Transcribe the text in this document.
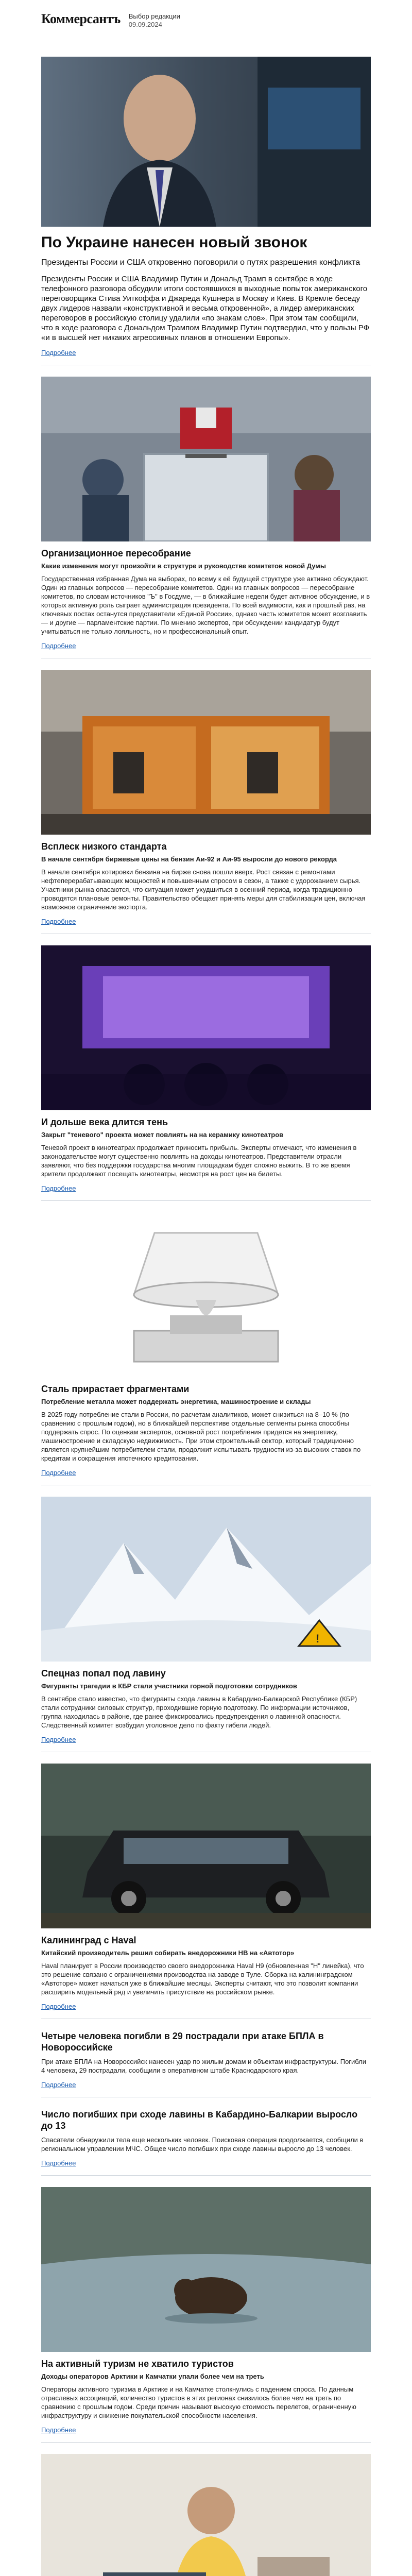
Коммерсантъ Выбор редакции
09.09.2024
По Украине нанесен новый звонок
Президенты России и США откровенно поговорили о путях разрешения конфликта
Президенты России и США Владимир Путин и Дональд Трамп в сентябре в ходе телефонного разговора обсудили итоги состоявшихся в выходные попыток американского переговорщика Стива Уиткоффа и Джареда Кушнера в Москву и Киев. В Кремле беседу двух лидеров назвали «конструктивной и весьма откровенной», а лидер американских переговоров в российскую столицу удалили «по знакам слов». При этом там сообщили, что в ходе разговора с Дональдом Трампом Владимир Путин подтвердил, что у пользы РФ «и в высшей нет никаких агрессивных планов в отношении Европы».
Подробнее
Организационное пересобрание
Какие изменения могут произойти в структуре и руководстве комитетов новой Думы
Государственная избранная Дума на выборах, по всему к её будущей структуре уже активно обсуждают. Один из главных вопросов — пересобрание комитетов. Один из главных вопросов — пересобрание комитетов, по словам источников "Ъ" в Госдуме, — в ближайшие недели будет активное обсуждение, и в которых активную роль сыграет администрация президента. По всей видимости, как и прошлый раз, на ключевых постах останутся представители «Единой России», однако часть комитетов может возглавить — и другие — парламентские партии. По мнению экспертов, при обсуждении кандидатур будут учитываться не только лояльность, но и профессиональный опыт.
Подробнее
Всплеск низкого стандарта
В начале сентября биржевые цены на бензин Аи-92 и Аи-95 выросли до нового рекорда
В начале сентября котировки бензина на бирже снова пошли вверх. Рост связан с ремонтами нефтеперерабатывающих мощностей и повышенным спросом в сезон, а также с удорожанием сырья. Участники рынка опасаются, что ситуация может ухудшиться в осенний период, когда традиционно проводятся плановые ремонты. Правительство обещает принять меры для стабилизации цен, включая возможное ограничение экспорта.
Подробнее
И дольше века длится тень
Закрыт "теневого" проекта может повлиять на на керамику кинотеатров
Теневой проект в кинотеатрах продолжает приносить прибыль. Эксперты отмечают, что изменения в законодательстве могут существенно повлиять на доходы кинотеатров. Представители отрасли заявляют, что без поддержки государства многим площадкам будет сложно выжить. В то же время зрители продолжают посещать кинотеатры, несмотря на рост цен на билеты.
Подробнее
Сталь прирастает фрагментами
Потребление металла может поддержать энергетика, машиностроение и склады
В 2025 году потребление стали в России, по расчетам аналитиков, может снизиться на 8–10 % (по сравнению с прошлым годом), но в ближайшей перспективе отдельные сегменты рынка способны поддержать спрос. По оценкам экспертов, основной рост потребления придется на энергетику, машиностроение и складскую недвижимость. При этом строительный сектор, который традиционно является крупнейшим потребителем стали, продолжит испытывать трудности из-за высоких ставок по кредитам и сокращения ипотечного кредитования.
Подробнее
!
Спецназ попал под лавину
Фигуранты трагедии в КБР стали участники горной подготовки сотрудников
В сентябре стало известно, что фигуранты схода лавины в Кабардино-Балкарской Республике (КБР) стали сотрудники силовых структур, проходившие горную подготовку. По информации источников, группа находилась в районе, где ранее фиксировались предупреждения о лавинной опасности. Следственный комитет возбудил уголовное дело по факту гибели людей.
Подробнее
Калининград с Haval
Китайский производитель решил собирать внедорожники НВ на «Автотор»
Haval планирует в России производство своего внедорожника Haval H9 (обновленная "Н" линейка), что это решение связано с ограничениями производства на заводе в Туле. Сборка на калининградском «Автоторе» может начаться уже в ближайшие месяцы. Эксперты считают, что это позволит компании расширить модельный ряд и увеличить присутствие на российском рынке.
Подробнее
Четыре человека погибли в 29 пострадали при атаке БПЛА в Новороссийске
При атаке БПЛА на Новороссийск нанесен удар по жилым домам и объектам инфраструктуры. Погибли 4 человека, 29 пострадали, сообщили в оперативном штабе Краснодарского края.
Подробнее
Число погибших при сходе лавины в Кабардино-Балкарии выросло до 13
Спасатели обнаружили тела еще нескольких человек. Поисковая операция продолжается, сообщили в региональном управлении МЧС. Общее число погибших при сходе лавины выросло до 13 человек.
Подробнее
На активный туризм не хватило туристов
Доходы операторов Арктики и Камчатки упали более чем на треть
Операторы активного туризма в Арктике и на Камчатке столкнулись с падением спроса. По данным отраслевых ассоциаций, количество туристов в этих регионах снизилось более чем на треть по сравнению с прошлым годом. Среди причин называют высокую стоимость перелетов, ограниченную инфраструктуру и снижение покупательской способности населения.
Подробнее
